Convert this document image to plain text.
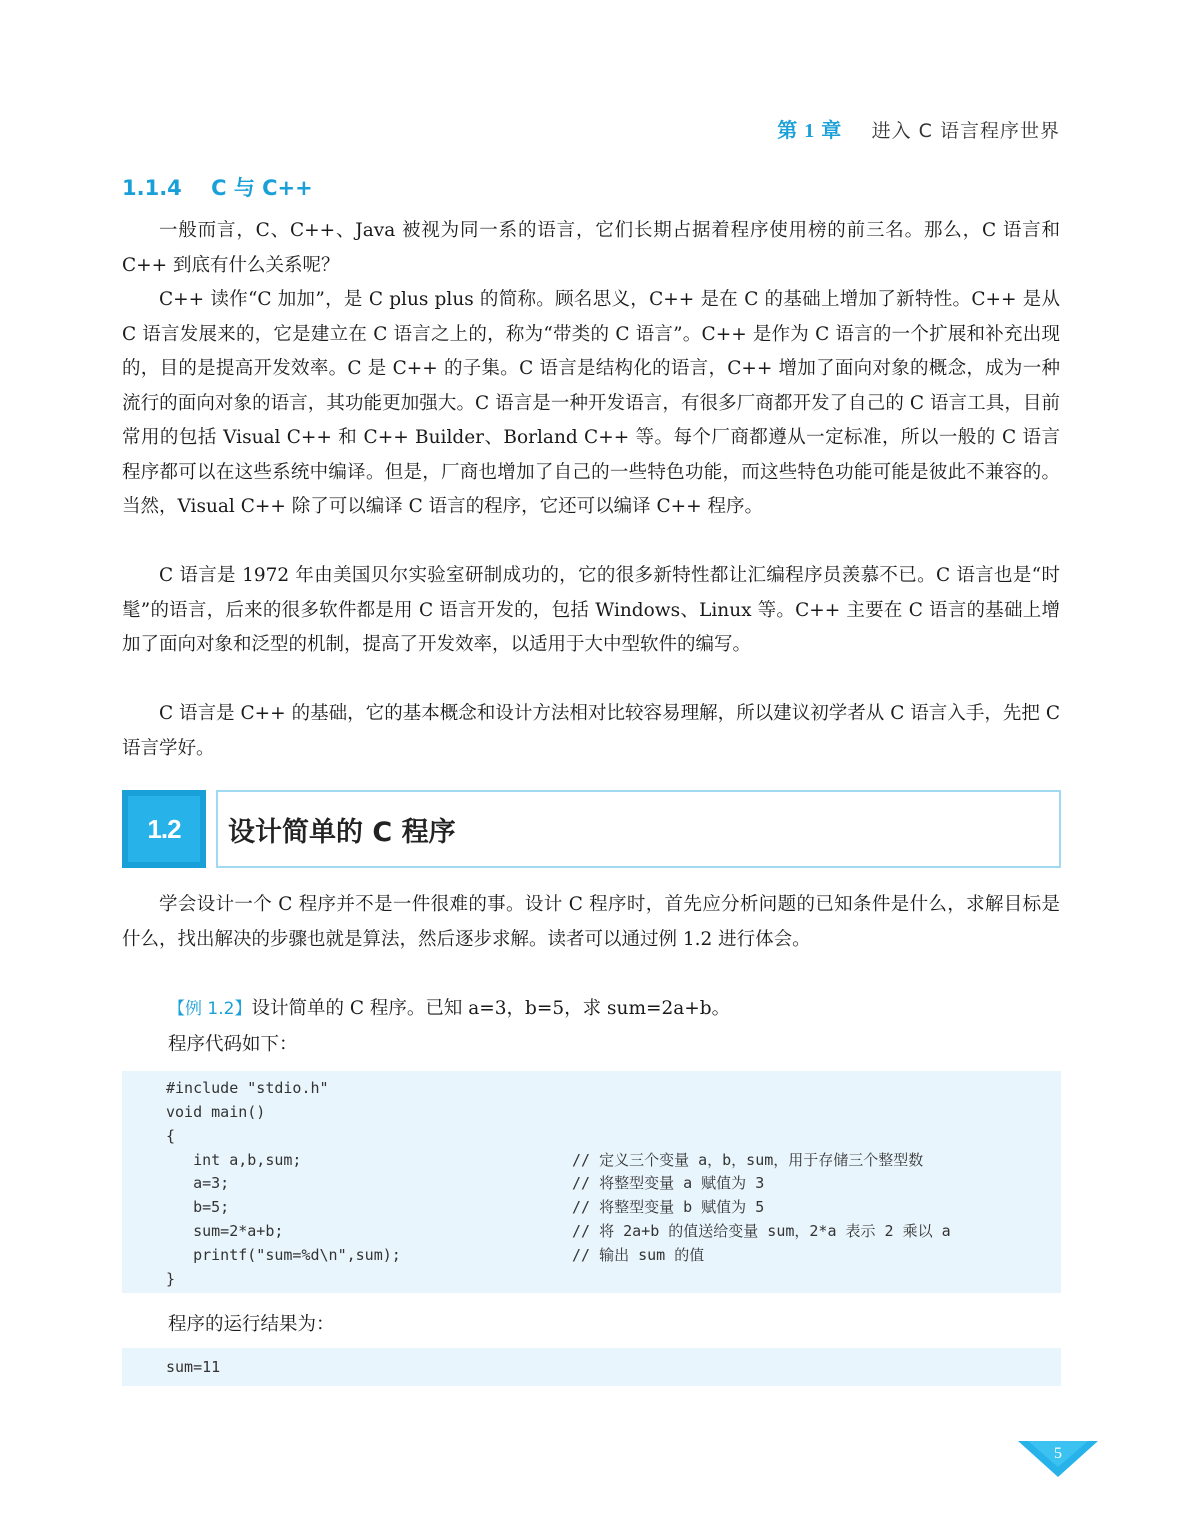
第 1 章 进入 C 语言程序世界
1.1.4 C 与 C++

一般而言，C、C++、Java 被视为同一系的语言，它们长期占据着程序使用榜的前三名。那么，C 语言和 C++ 到底有什么关系呢？

C++ 读作“C 加加”，是 C plus plus 的简称。顾名思义，C++ 是在 C 的基础上增加了新特性。C++ 是从 C 语言发展来的，它是建立在 C 语言之上的，称为“带类的 C 语言”。C++ 是作为 C 语言的一个扩展和补充出现的，目的是提高开发效率。C 是 C++ 的子集。C 语言是结构化的语言，C++ 增加了面向对象的概念，成为一种流行的面向对象的语言，其功能更加强大。C 语言是一种开发语言，有很多厂商都开发了自己的 C 语言工具，目前常用的包括 Visual C++ 和 C++ Builder、Borland C++ 等。每个厂商都遵从一定标准，所以一般的 C 语言程序都可以在这些系统中编译。但是，厂商也增加了自己的一些特色功能，而这些特色功能可能是彼此不兼容的。当然，Visual C++ 除了可以编译 C 语言的程序，它还可以编译 C++ 程序。

C 语言是 1972 年由美国贝尔实验室研制成功的，它的很多新特性都让汇编程序员羡慕不已。C 语言也是“时髦”的语言，后来的很多软件都是用 C 语言开发的，包括 Windows、Linux 等。C++ 主要在 C 语言的基础上增加了面向对象和泛型的机制，提高了开发效率，以适用于大中型软件的编写。

C 语言是 C++ 的基础，它的基本概念和设计方法相对比较容易理解，所以建议初学者从 C 语言入手，先把 C 语言学好。

1.2	设计简单的 C 程序

学会设计一个 C 程序并不是一件很难的事。设计 C 程序时，首先应分析问题的已知条件是什么，求解目标是什么，找出解决的步骤也就是算法，然后逐步求解。读者可以通过例 1.2 进行体会。

【例 1.2】设计简单的 C 程序。已知 a=3，b=5，求 sum=2a+b。
程序代码如下：
#include "stdio.h"
void main()
{
int a,b,sum;	// 定义三个变量 a，b，sum，用于存储三个整型数
a=3;	// 将整型变量 a 赋值为 3
b=5;	// 将整型变量 b 赋值为 5
sum=2*a+b;	// 将 2a+b 的值送给变量 sum，2*a 表示 2 乘以 a
printf("sum=%d\n",sum);	// 输出 sum 的值
}
程序的运行结果为：
sum=11
5
